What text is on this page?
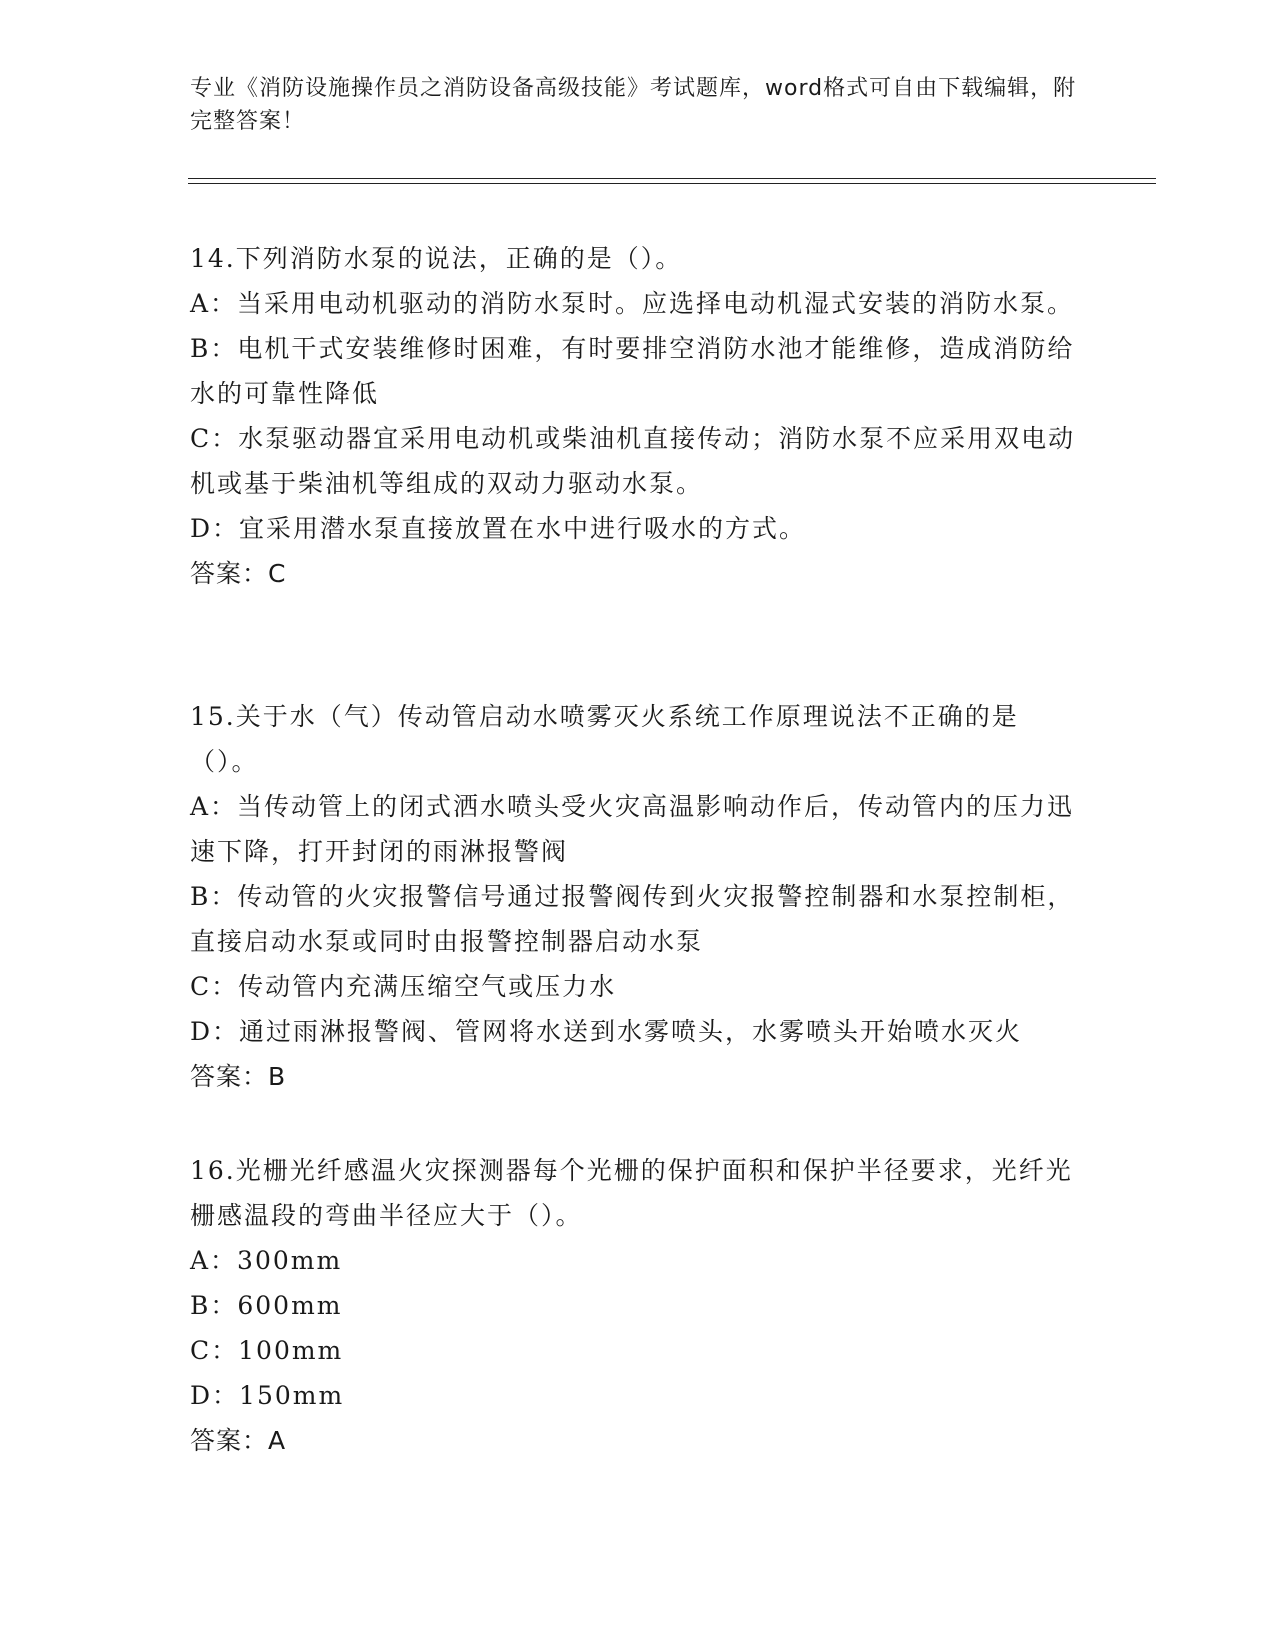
专业《消防设施操作员之消防设备高级技能》考试题库，word格式可自由下载编辑，附完整答案！

14.下列消防水泵的说法，正确的是（）。

A：当采用电动机驱动的消防水泵时。应选择电动机湿式安装的消防水泵。

B：电机干式安装维修时困难，有时要排空消防水池才能维修，造成消防给水的可靠性降低

C：水泵驱动器宜采用电动机或柴油机直接传动；消防水泵不应采用双电动机或基于柴油机等组成的双动力驱动水泵。

D：宜采用潜水泵直接放置在水中进行吸水的方式。

答案：C

15.关于水（气）传动管启动水喷雾灭火系统工作原理说法不正确的是（）。

A：当传动管上的闭式洒水喷头受火灾高温影响动作后，传动管内的压力迅速下降，打开封闭的雨淋报警阀

B：传动管的火灾报警信号通过报警阀传到火灾报警控制器和水泵控制柜，直接启动水泵或同时由报警控制器启动水泵

C：传动管内充满压缩空气或压力水

D：通过雨淋报警阀、管网将水送到水雾喷头，水雾喷头开始喷水灭火

答案：B

16.光栅光纤感温火灾探测器每个光栅的保护面积和保护半径要求，光纤光栅感温段的弯曲半径应大于（）。

A：300mm

B：600mm

C：100mm

D：150mm

答案：A
